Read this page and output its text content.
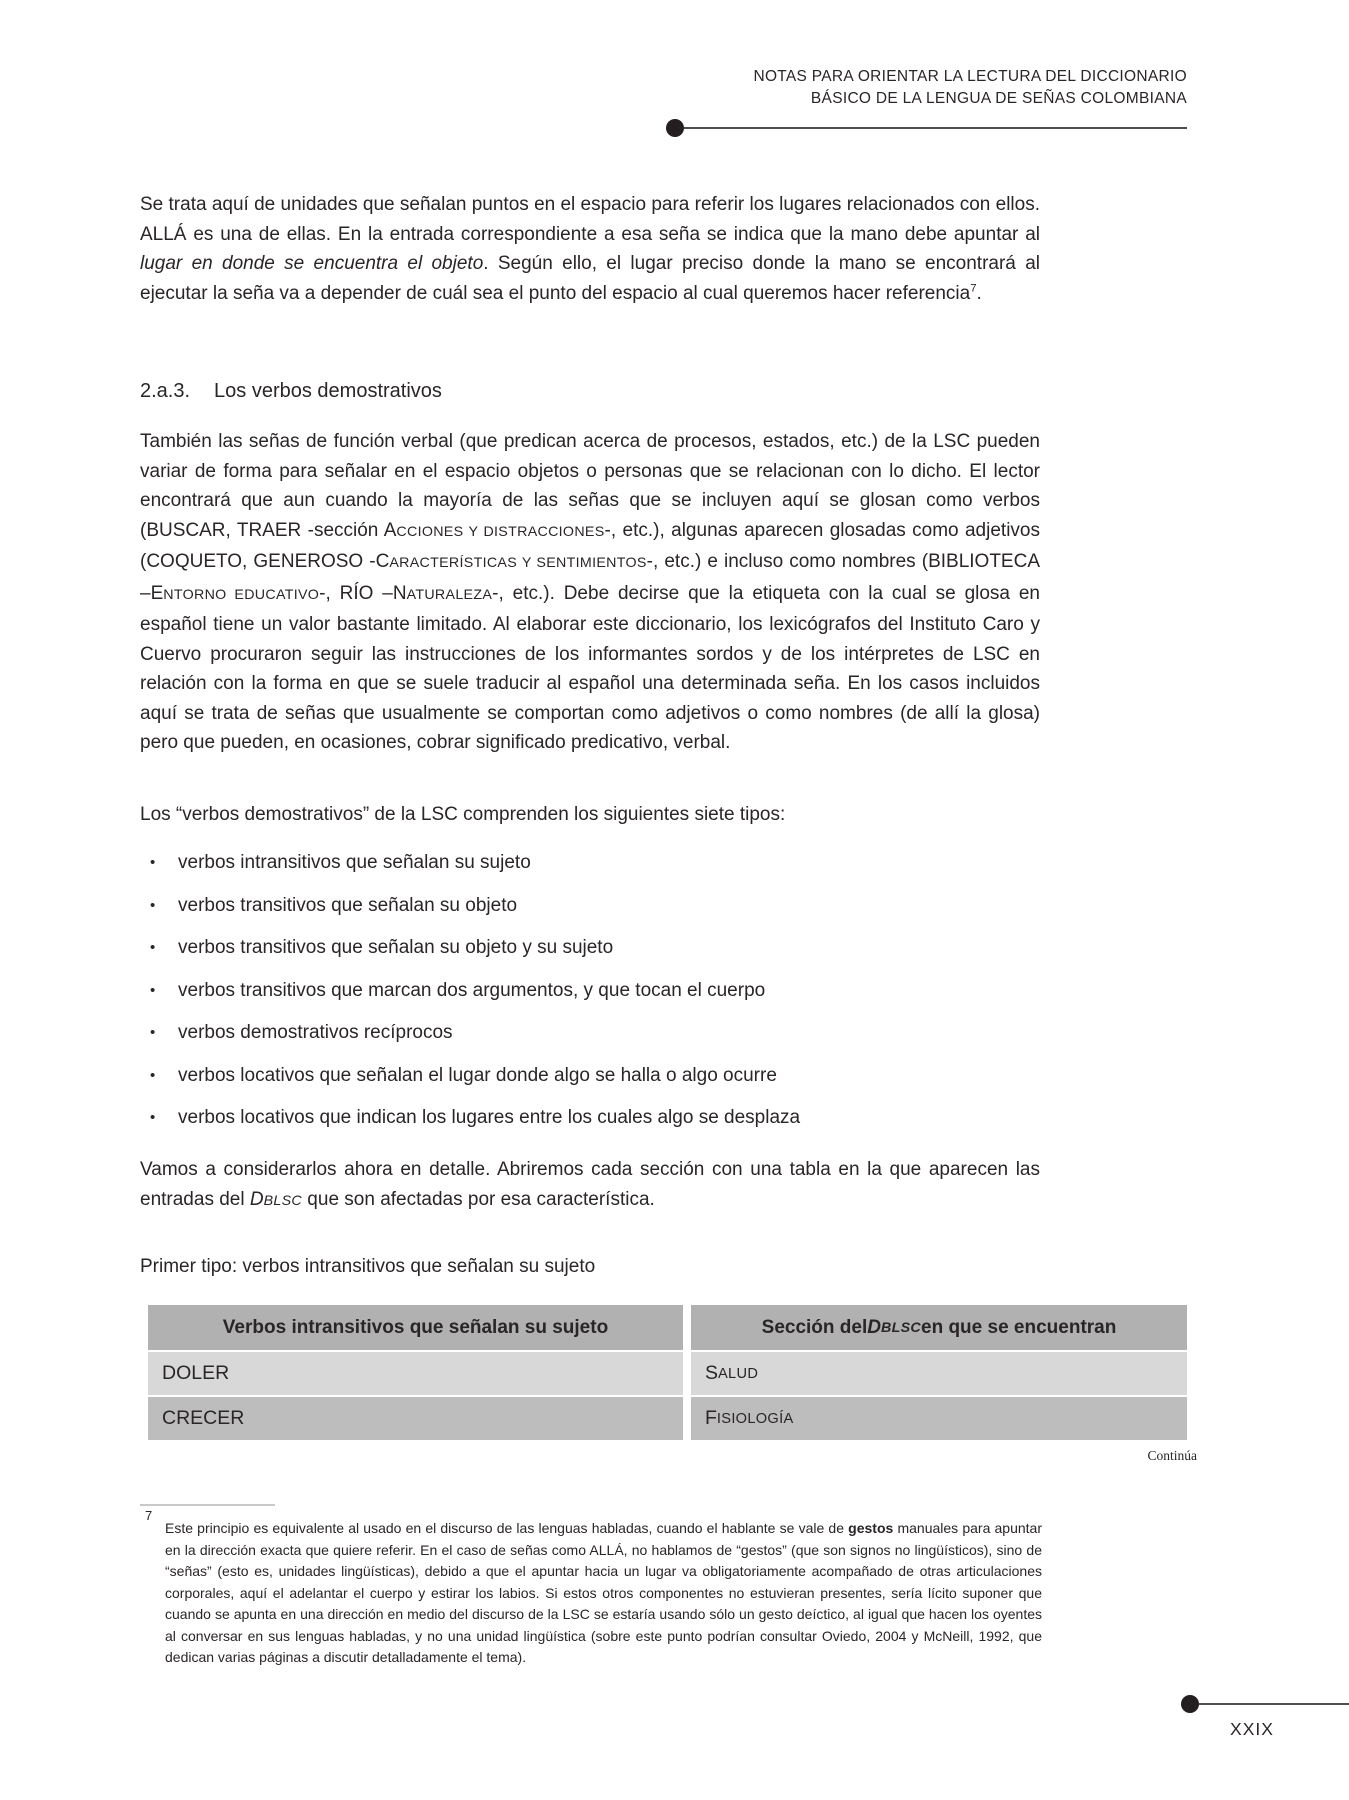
NOTAS PARA ORIENTAR LA LECTURA DEL DICCIONARIO
BÁSICO DE LA LENGUA DE SEÑAS COLOMBIANA

Se trata aquí de unidades que señalan puntos en el espacio para referir los lugares relacionados con ellos. ALLÁ es una de ellas. En la entrada correspondiente a esa seña se indica que la mano debe apuntar al lugar en donde se encuentra el objeto. Según ello, el lugar preciso donde la mano se encontrará al ejecutar la seña va a depender de cuál sea el punto del espacio al cual queremos hacer referencia$^7$.

2.a.3. Los verbos demostrativos

También las señas de función verbal (que predican acerca de procesos, estados, etc.) de la LSC pueden variar de forma para señalar en el espacio objetos o personas que se relacionan con lo dicho. El lector encontrará que aun cuando la mayoría de las señas que se incluyen aquí se glosan como verbos (BUSCAR, TRAER -sección ACCIONES Y DISTRACCIONES-, etc.), algunas aparecen glosadas como adjetivos (COQUETO, GENEROSO -CARACTERÍSTICAS Y SENTIMIENTOS-, etc.) e incluso como nombres (BIBLIOTECA –ENTORNO EDUCATIVO-, RÍO –NATURALEZA-, etc.). Debe decirse que la etiqueta con la cual se glosa en español tiene un valor bastante limitado. Al elaborar este diccionario, los lexicógrafos del Instituto Caro y Cuervo procuraron seguir las instrucciones de los informantes sordos y de los intérpretes de LSC en relación con la forma en que se suele traducir al español una determinada seña. En los casos incluidos aquí se trata de señas que usualmente se comportan como adjetivos o como nombres (de allí la glosa) pero que pueden, en ocasiones, cobrar significado predicativo, verbal.

Los “verbos demostrativos” de la LSC comprenden los siguientes siete tipos:

•	verbos intransitivos que señalan su sujeto
•	verbos transitivos que señalan su objeto
•	verbos transitivos que señalan su objeto y su sujeto
•	verbos transitivos que marcan dos argumentos, y que tocan el cuerpo
•	verbos demostrativos recíprocos
•	verbos locativos que señalan el lugar donde algo se halla o algo ocurre
•	verbos locativos que indican los lugares entre los cuales algo se desplaza

Vamos a considerarlos ahora en detalle. Abriremos cada sección con una tabla en la que aparecen las entradas del DBLSC que son afectadas por esa característica.

Primer tipo: verbos intransitivos que señalan su sujeto

Verbos intransitivos que señalan su sujeto	Sección del D BLSC en que se encuentran
DOLER	S ALUD
CRECER	F ISIOLOGÍA
Continúa
7
Este principio es equivalente al usado en el discurso de las lenguas habladas, cuando el hablante se vale de gestos manuales para apuntar en la dirección exacta que quiere referir. En el caso de señas como ALLÁ, no hablamos de “gestos” (que son signos no lingüísticos), sino de “señas” (esto es, unidades lingüísticas), debido a que el apuntar hacia un lugar va obligatoriamente acompañado de otras articulaciones corporales, aquí el adelantar el cuerpo y estirar los labios. Si estos otros componentes no estuvieran presentes, sería lícito suponer que cuando se apunta en una dirección en medio del discurso de la LSC se estaría usando sólo un gesto deíctico, al igual que hacen los oyentes al conversar en sus lenguas habladas, y no una unidad lingüística (sobre este punto podrían consultar Oviedo, 2004 y McNeill, 1992, que dedican varias páginas a discutir detalladamente el tema).
XXIX
